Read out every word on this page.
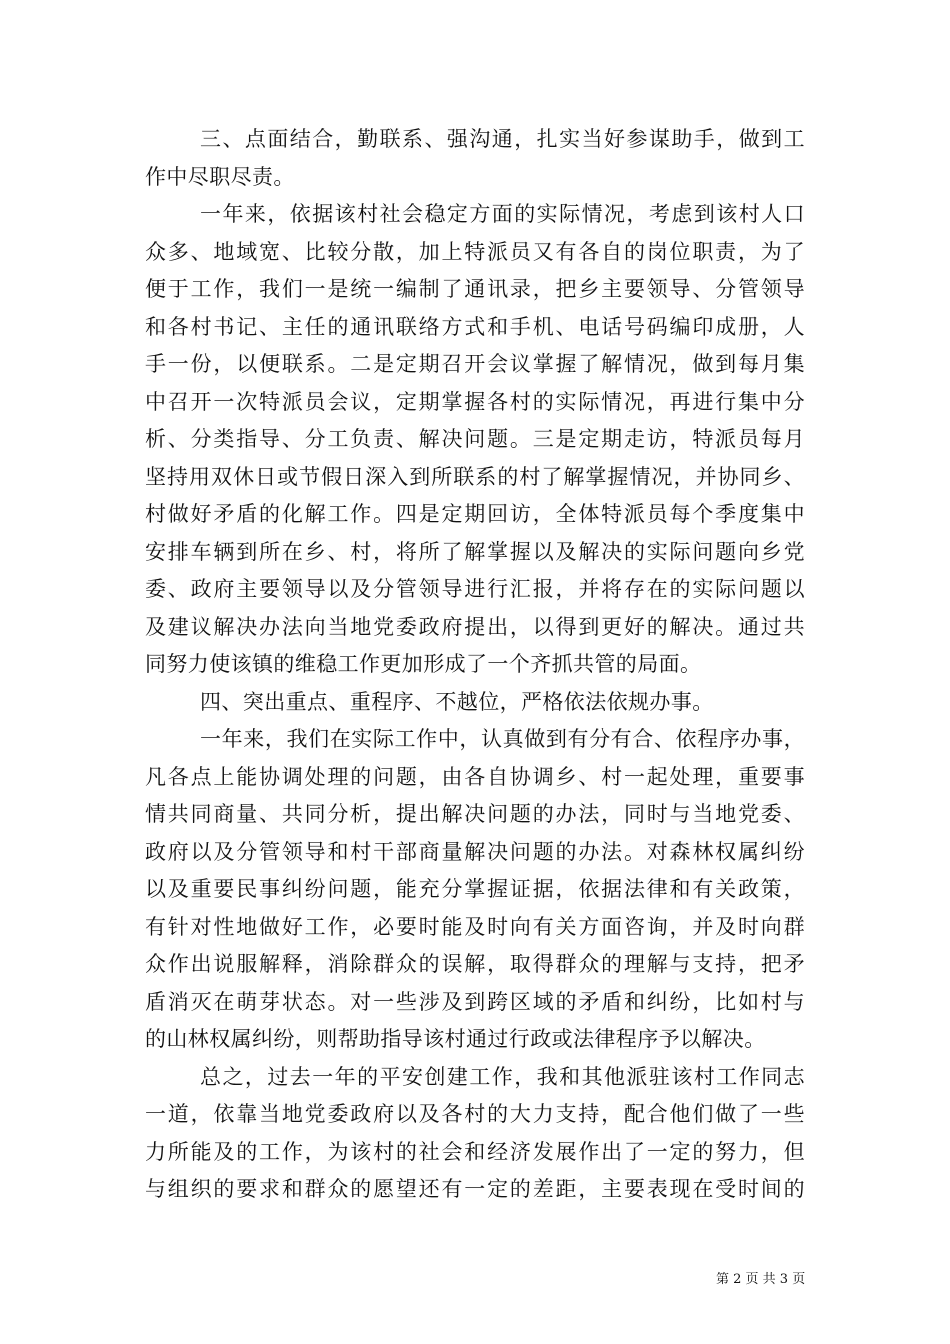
三、点面结合，勤联系、强沟通，扎实当好参谋助手，做到工
作中尽职尽责。
一年来，依据该村社会稳定方面的实际情况，考虑到该村人口
众多、地域宽、比较分散，加上特派员又有各自的岗位职责，为了
便于工作，我们一是统一编制了通讯录，把乡主要领导、分管领导
和各村书记、主任的通讯联络方式和手机、电话号码编印成册，人
手一份，以便联系。二是定期召开会议掌握了解情况，做到每月集
中召开一次特派员会议，定期掌握各村的实际情况，再进行集中分
析、分类指导、分工负责、解决问题。三是定期走访，特派员每月
坚持用双休日或节假日深入到所联系的村了解掌握情况，并协同乡、
村做好矛盾的化解工作。四是定期回访，全体特派员每个季度集中
安排车辆到所在乡、村，将所了解掌握以及解决的实际问题向乡党
委、政府主要领导以及分管领导进行汇报，并将存在的实际问题以
及建议解决办法向当地党委政府提出，以得到更好的解决。通过共
同努力使该镇的维稳工作更加形成了一个齐抓共管的局面。
四、突出重点、重程序、不越位，严格依法依规办事。
一年来，我们在实际工作中，认真做到有分有合、依程序办事，
凡各点上能协调处理的问题，由各自协调乡、村一起处理，重要事
情共同商量、共同分析，提出解决问题的办法，同时与当地党委、
政府以及分管领导和村干部商量解决问题的办法。对森林权属纠纷
以及重要民事纠纷问题，能充分掌握证据，依据法律和有关政策，
有针对性地做好工作，必要时能及时向有关方面咨询，并及时向群
众作出说服解释，消除群众的误解，取得群众的理解与支持，把矛
盾消灭在萌芽状态。对一些涉及到跨区域的矛盾和纠纷，比如村与
的山林权属纠纷，则帮助指导该村通过行政或法律程序予以解决。
总之，过去一年的平安创建工作，我和其他派驻该村工作同志
一道，依靠当地党委政府以及各村的大力支持，配合他们做了一些
力所能及的工作，为该村的社会和经济发展作出了一定的努力，但
与组织的要求和群众的愿望还有一定的差距，主要表现在受时间的
第 2 页 共 3 页
